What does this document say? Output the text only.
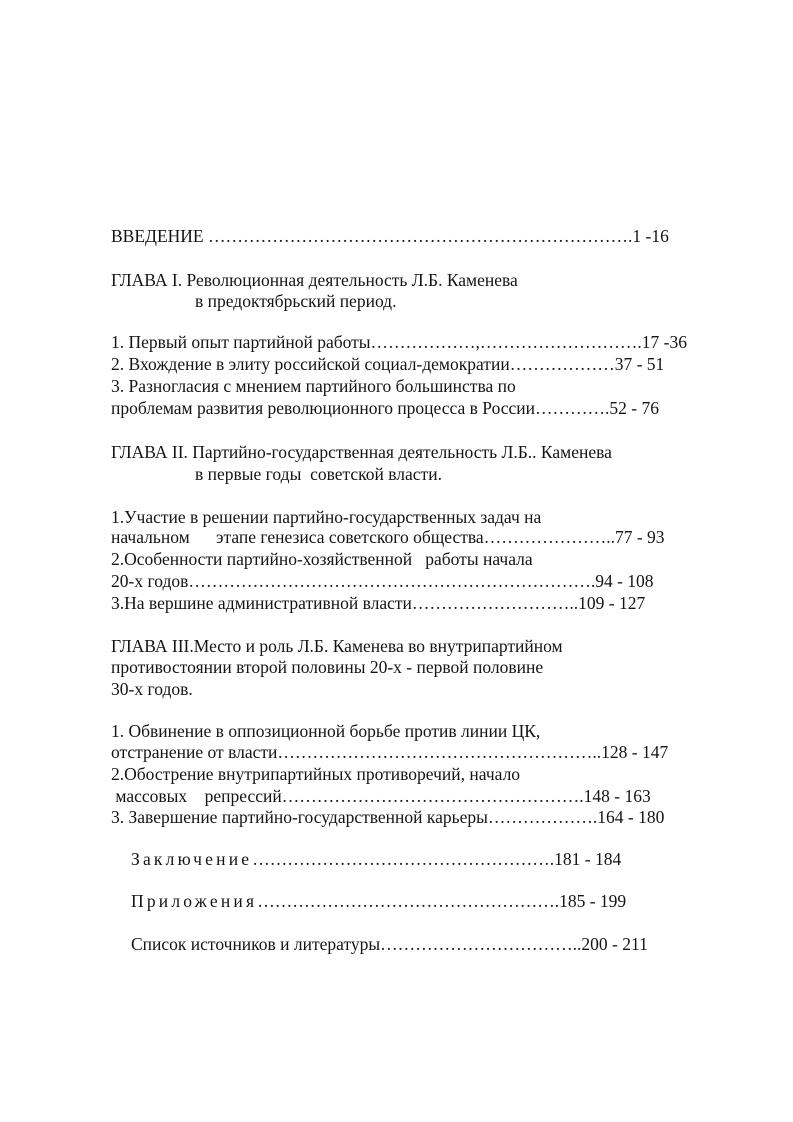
ВВЕДЕНИЕ ……………………………………………………………….1 -16
ГЛАВА I. Революционная деятельность Л.Б. Каменева
в предоктябрьский период.
1. Первый опыт партийной работы………………,……………………….17 -36
2. Вхождение в элиту российской социал-демократии………………37 - 51
3. Разногласия с мнением партийного большинства по
проблемам развития революционного процесса в России………….52 - 76
ГЛАВА II. Партийно-государственная деятельность Л.Б.. Каменева
в первые годы  советской власти.
1.Участие в решении партийно-государственных задач на
начальном      этапе генезиса советского общества…………………..77 - 93
2.Особенности партийно-хозяйственной   работы начала
20-х годов…………………………………………………………….94 - 108
3.На вершине административной власти………………………..109 - 127
ГЛАВА III.Место и роль Л.Б. Каменева во внутрипартийном
противостоянии второй половины 20-х - первой половине
30-х годов.
1. Обвинение в оппозиционной борьбе против линии ЦК,
отстранение от власти………………………………………………..128 - 147
2.Обострение внутрипартийных противоречий, начало
массовых    репрессий…………………………………………….148 - 163
3. Завершение партийно-государственной карьеры……………….164 - 180
Заключение…………………………………………….181 - 184
Приложения…………………………………………….185 - 199
Список источников и литературы……………………………..200 - 211
